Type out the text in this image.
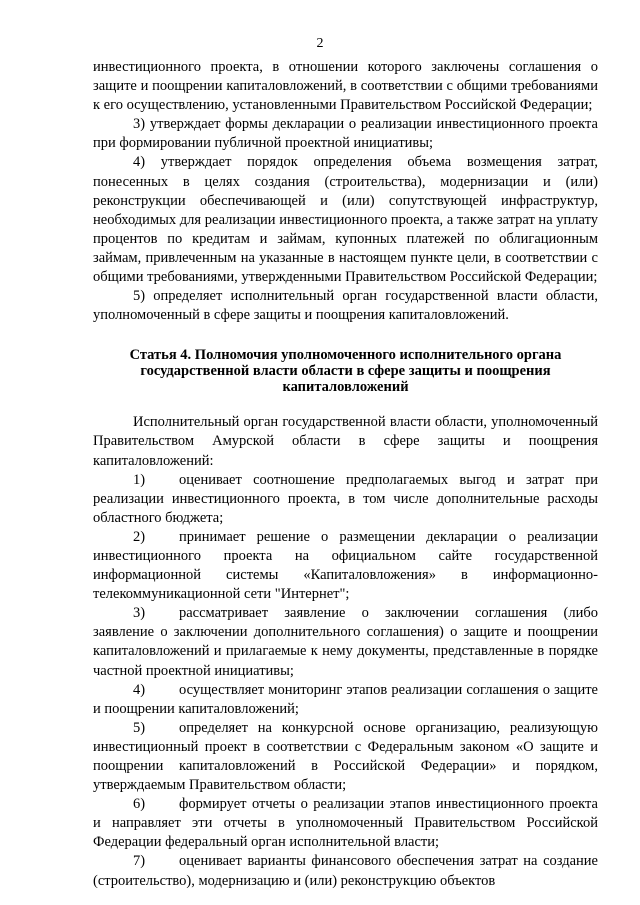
2

инвестиционного проекта, в отношении которого заключены соглашения о защите и поощрении капиталовложений, в соответствии с общими требованиями к его осуществлению, установленными Правительством Российской Федерации;

3) утверждает формы декларации о реализации инвестиционного проекта при формировании публичной проектной инициативы;

4) утверждает порядок определения объема возмещения затрат, понесенных в целях создания (строительства), модернизации и (или) реконструкции обеспечивающей и (или) сопутствующей инфраструктур, необходимых для реализации инвестиционного проекта, а также затрат на уплату процентов по кредитам и займам, купонных платежей по облигационным займам, привлеченным на указанные в настоящем пункте цели, в соответствии с общими требованиями, утвержденными Правительством Российской Федерации;

5) определяет исполнительный орган государственной власти области, уполномоченный в сфере защиты и поощрения капиталовложений.

Статья 4. Полномочия уполномоченного исполнительного органа государственной власти области в сфере защиты и поощрения капиталовложений

Исполнительный орган государственной власти области, уполномоченный Правительством Амурской области в сфере защиты и поощрения капиталовложений:

1) оценивает соотношение предполагаемых выгод и затрат при реализации инвестиционного проекта, в том числе дополнительные расходы областного бюджета;

2) принимает решение о размещении декларации о реализации инвестиционного проекта на официальном сайте государственной информационной системы «Капиталовложения» в информационно-телекоммуникационной сети "Интернет";

3) рассматривает заявление о заключении соглашения (либо заявление о заключении дополнительного соглашения) о защите и поощрении капиталовложений и прилагаемые к нему документы, представленные в порядке частной проектной инициативы;

4) осуществляет мониторинг этапов реализации соглашения о защите и поощрении капиталовложений;

5) определяет на конкурсной основе организацию, реализующую инвестиционный проект в соответствии с Федеральным законом «О защите и поощрении капиталовложений в Российской Федерации» и порядком, утверждаемым Правительством области;

6) формирует отчеты о реализации этапов инвестиционного проекта и направляет эти отчеты в уполномоченный Правительством Российской Федерации федеральный орган исполнительной власти;

7) оценивает варианты финансового обеспечения затрат на создание (строительство), модернизацию и (или) реконструкцию объектов
